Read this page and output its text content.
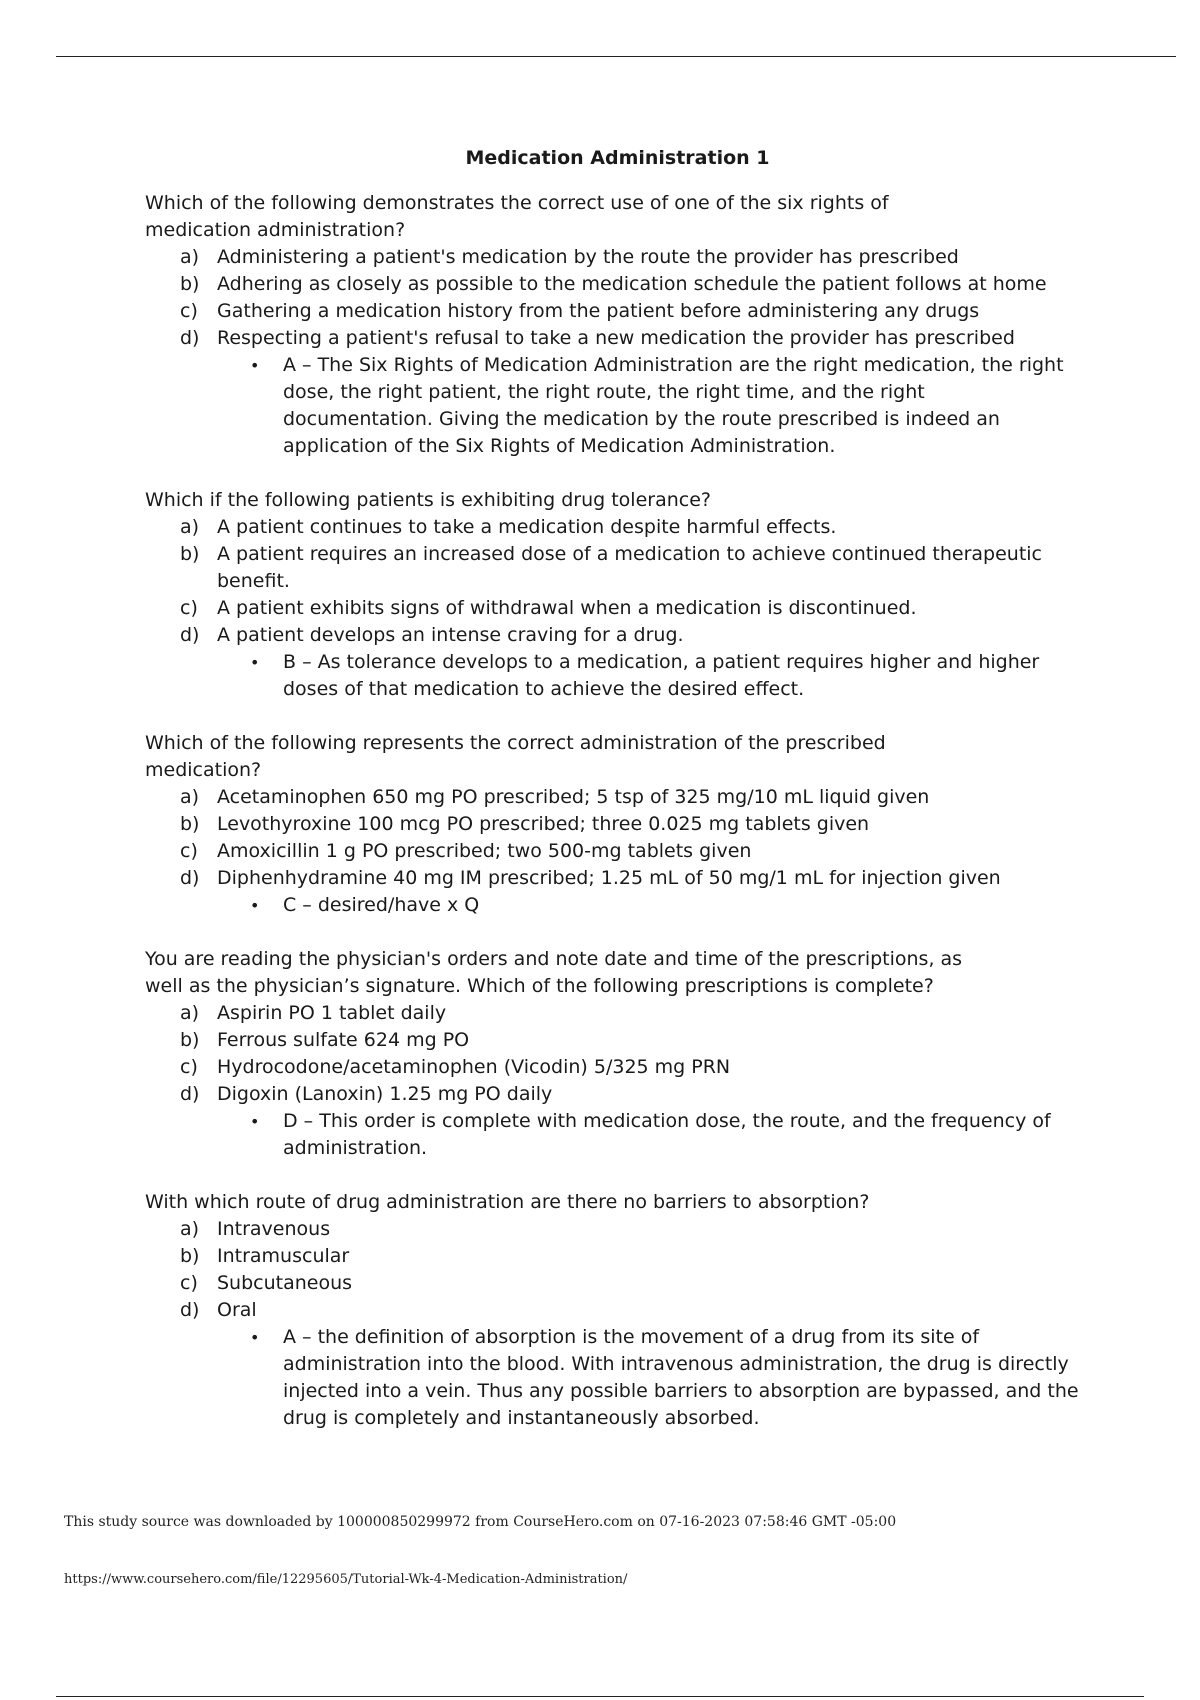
Medication Administration 1

Which of the following demonstrates the correct use of one of the six rights of medication administration?

a) Administering a patient's medication by the route the provider has prescribed
b) Adhering as closely as possible to the medication schedule the patient follows at home
c)	Gathering a medication history from the patient before administering any drugs
d) Respecting a patient's refusal to take a new medication the provider has prescribed
•	A – The Six Rights of Medication Administration are the right medication, the right dose, the right patient, the right route, the right time, and the right documentation. Giving the medication by the route prescribed is indeed an application of the Six Rights of Medication Administration.

Which if the following patients is exhibiting drug tolerance?

a) A patient continues to take a medication despite harmful effects.
b) A patient requires an increased dose of a medication to achieve continued therapeutic benefit.
c)	A patient exhibits signs of withdrawal when a medication is discontinued.
d) A patient develops an intense craving for a drug.
•	B – As tolerance develops to a medication, a patient requires higher and higher doses of that medication to achieve the desired effect.

Which of the following represents the correct administration of the prescribed medication?

a) Acetaminophen 650 mg PO prescribed; 5 tsp of 325 mg/10 mL liquid given
b) Levothyroxine 100 mcg PO prescribed; three 0.025 mg tablets given
c)	Amoxicillin 1 g PO prescribed; two 500-mg tablets given
d) Diphenhydramine 40 mg IM prescribed; 1.25 mL of 50 mg/1 mL for injection given
•	C – desired/have x Q

You are reading the physician's orders and note date and time of the prescriptions, as well as the physician’s signature. Which of the following prescriptions is complete?

a) Aspirin PO 1 tablet daily
b) Ferrous sulfate 624 mg PO
c)	Hydrocodone/acetaminophen (Vicodin) 5/325 mg PRN
d) Digoxin (Lanoxin) 1.25 mg PO daily
•	D – This order is complete with medication dose, the route, and the frequency of administration.

With which route of drug administration are there no barriers to absorption?

a) Intravenous
b) Intramuscular
c)	Subcutaneous
d) Oral
•	A – the definition of absorption is the movement of a drug from its site of administration into the blood. With intravenous administration, the drug is directly injected into a vein. Thus any possible barriers to absorption are bypassed, and the drug is completely and instantaneously absorbed.
This study source was downloaded by 100000850299972 from CourseHero.com on 07-16-2023 07:58:46 GMT -05:00
https://www.coursehero.com/file/12295605/Tutorial-Wk-4-Medication-Administration/
